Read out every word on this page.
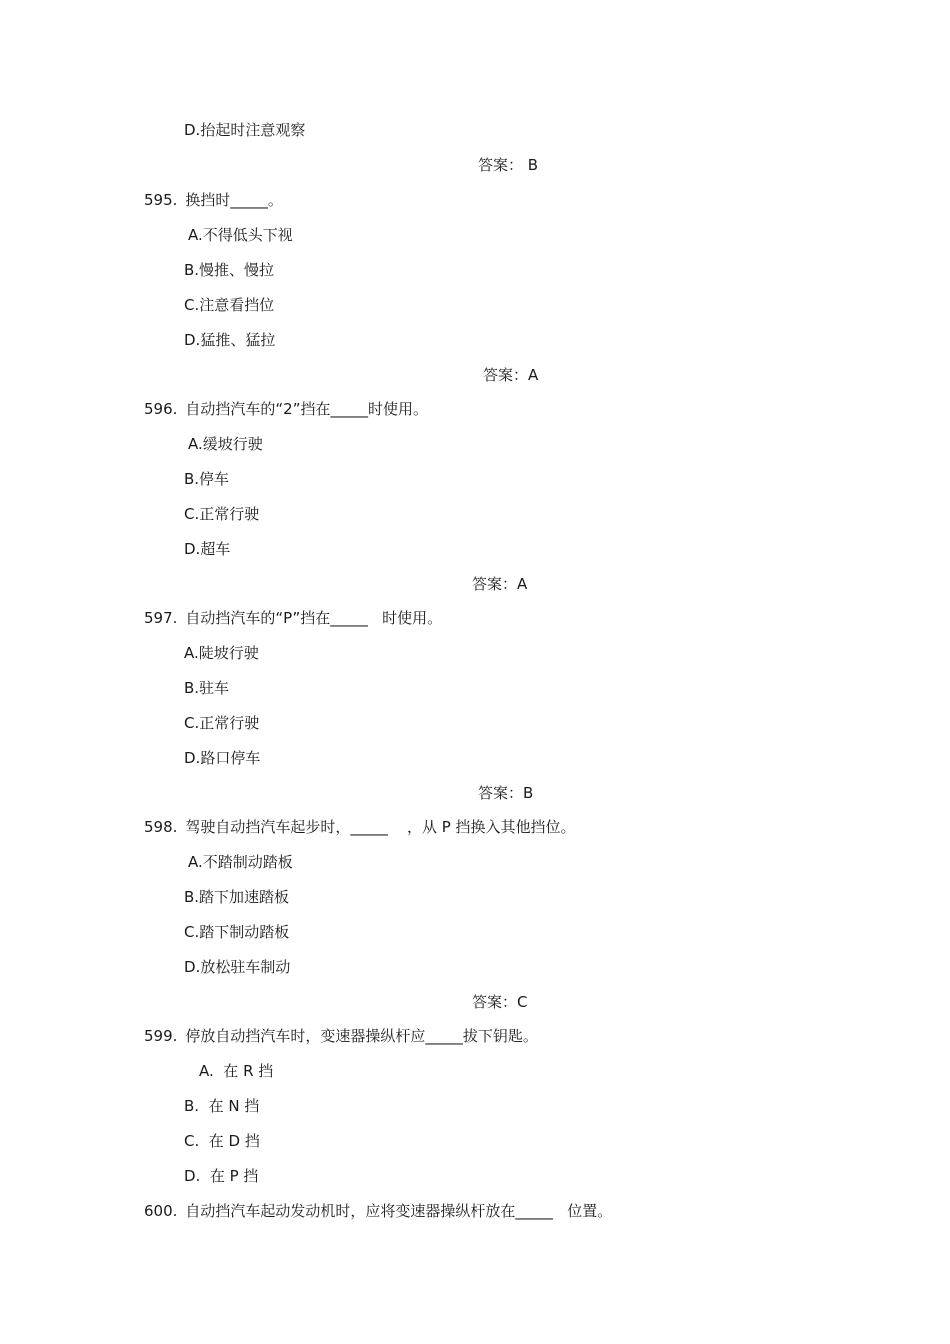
D.抬起时注意观察
答案： B
595. 换挡时_____。
A.不得低头下视
B.慢推、慢拉
C.注意看挡位
D.猛推、猛拉
答案：A
596. 自动挡汽车的“2”挡在_____时使用。
A.缓坡行驶
B.停车
C.正常行驶
D.超车
答案：A
597. 自动挡汽车的“P”挡在_____   时使用。
A.陡坡行驶
B.驻车
C.正常行驶
D.路口停车
答案：B
598. 驾驶自动挡汽车起步时，_____    ，从 P 挡换入其他挡位。
A.不踏制动踏板
B.踏下加速踏板
C.踏下制动踏板
D.放松驻车制动
答案：C
599. 停放自动挡汽车时，变速器操纵杆应_____拔下钥匙。
A.  在 R 挡
B.  在 N 挡
C.  在 D 挡
D.  在 P 挡
600. 自动挡汽车起动发动机时，应将变速器操纵杆放在_____   位置。
